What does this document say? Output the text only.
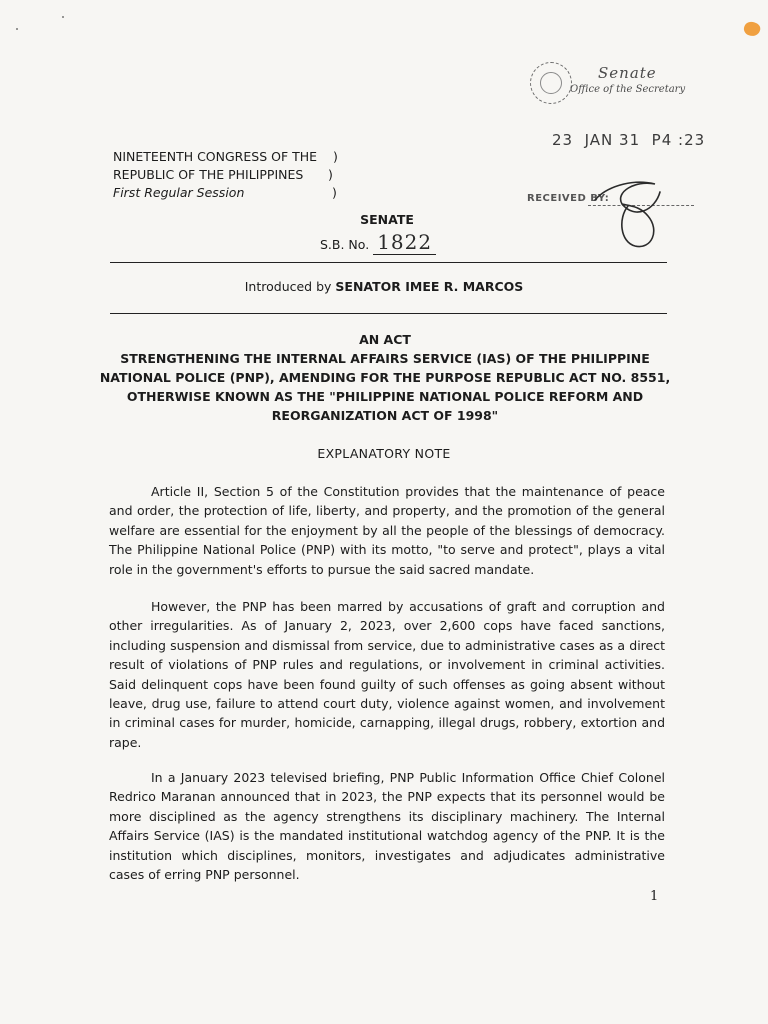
Senate
Office of the Secretary
23  JAN 31  P4 :23
NINETEENTH CONGRESS OF THE )
REPUBLIC OF THE PHILIPPINES )
First Regular Session	)	RECEIVED BY:
SENATE
S.B. No. 1822
Introduced by SENATOR IMEE R. MARCOS
AN ACT
STRENGTHENING THE INTERNAL AFFAIRS SERVICE (IAS) OF THE PHILIPPINE NATIONAL POLICE (PNP), AMENDING FOR THE PURPOSE REPUBLIC ACT NO. 8551, OTHERWISE KNOWN AS THE "PHILIPPINE NATIONAL POLICE REFORM AND REORGANIZATION ACT OF 1998"
EXPLANATORY NOTE
Article II, Section 5 of the Constitution provides that the maintenance of peace and order, the protection of life, liberty, and property, and the promotion of the general welfare are essential for the enjoyment by all the people of the blessings of democracy. The Philippine National Police (PNP) with its motto, "to serve and protect", plays a vital role in the government's efforts to pursue the said sacred mandate.
However, the PNP has been marred by accusations of graft and corruption and other irregularities. As of January 2, 2023, over 2,600 cops have faced sanctions, including suspension and dismissal from service, due to administrative cases as a direct result of violations of PNP rules and regulations, or involvement in criminal activities. Said delinquent cops have been found guilty of such offenses as going absent without leave, drug use, failure to attend court duty, violence against women, and involvement in criminal cases for murder, homicide, carnapping, illegal drugs, robbery, extortion and rape.
In a January 2023 televised briefing, PNP Public Information Office Chief Colonel Redrico Maranan announced that in 2023, the PNP expects that its personnel would be more disciplined as the agency strengthens its disciplinary machinery. The Internal Affairs Service (IAS) is the mandated institutional watchdog agency of the PNP. It is the institution which disciplines, monitors, investigates and adjudicates administrative cases of erring PNP personnel.
1
